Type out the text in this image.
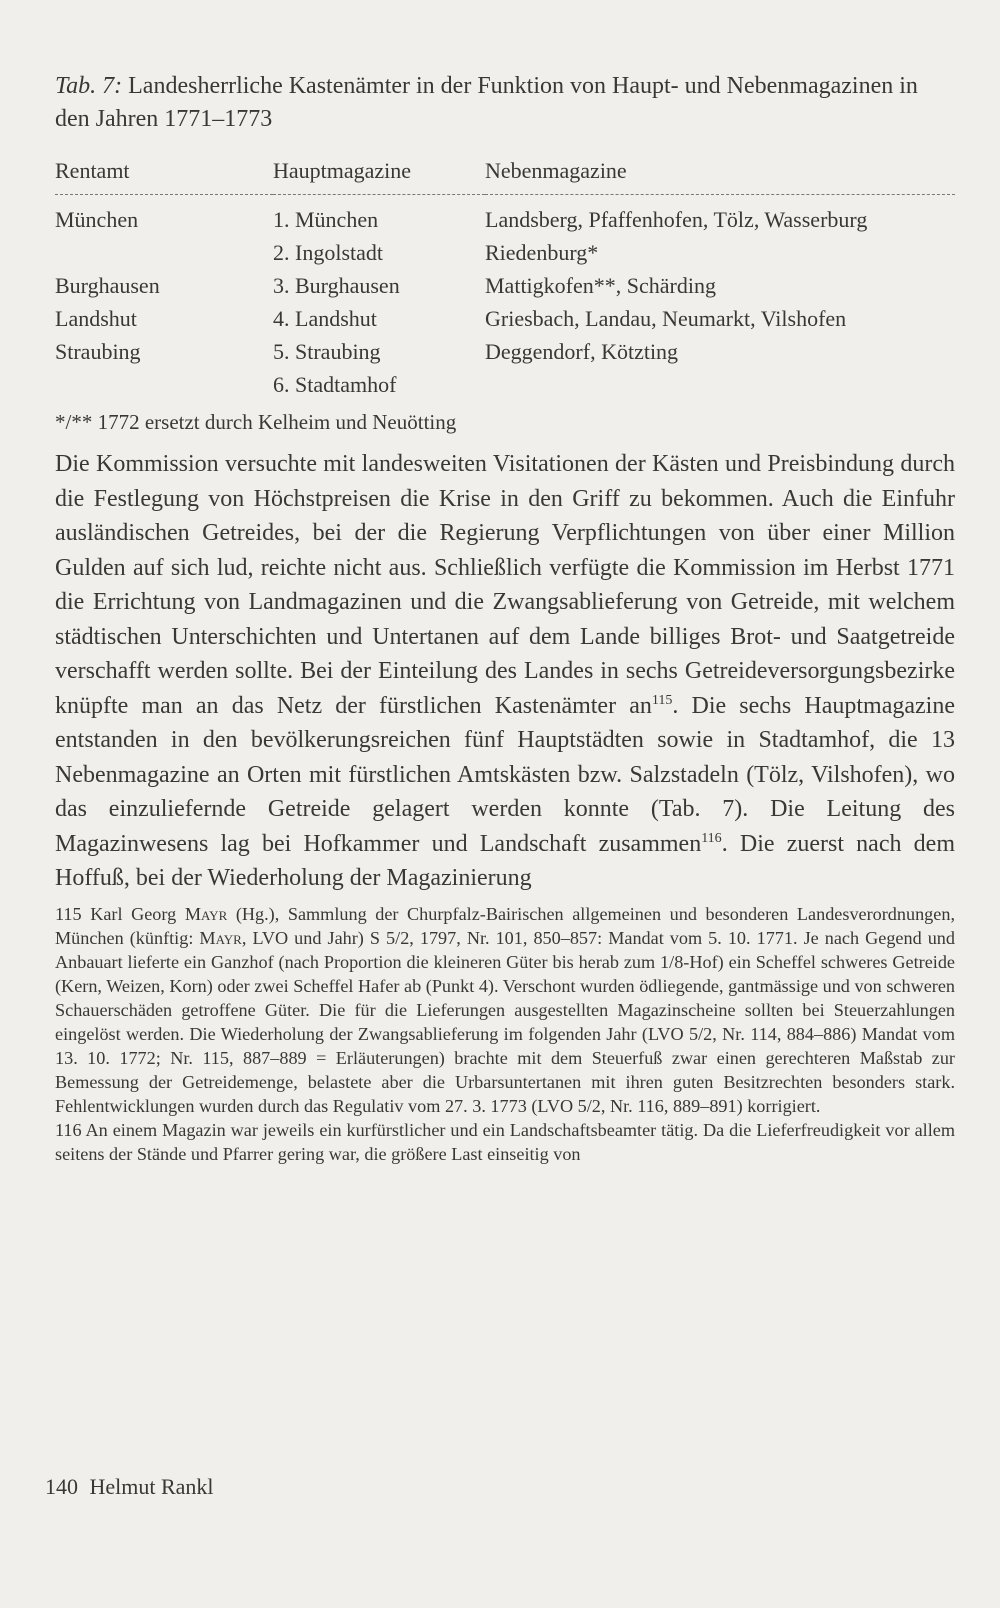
Tab. 7: Landesherrliche Kastenämter in der Funktion von Haupt- und Nebenmagazinen in den Jahren 1771–1773

Rentamt	Hauptmagazine	Nebenmagazine
München	1. München	Landsberg, Pfaffenhofen, Tölz, Wasserburg
	2. Ingolstadt	Riedenburg*
Burghausen	3. Burghausen	Mattigkofen**, Schärding
Landshut	4. Landshut	Griesbach, Landau, Neumarkt, Vilshofen
Straubing	5. Straubing	Deggendorf, Kötzting
	6. Stadtamhof	

*/** 1772 ersetzt durch Kelheim und Neuötting

Die Kommission versuchte mit landesweiten Visitationen der Kästen und Preisbindung durch die Festlegung von Höchstpreisen die Krise in den Griff zu bekommen. Auch die Einfuhr ausländischen Getreides, bei der die Regierung Verpflichtungen von über einer Million Gulden auf sich lud, reichte nicht aus. Schließlich verfügte die Kommission im Herbst 1771 die Errichtung von Landmagazinen und die Zwangsablieferung von Getreide, mit welchem städtischen Unterschichten und Untertanen auf dem Lande billiges Brot- und Saatgetreide verschafft werden sollte. Bei der Einteilung des Landes in sechs Getreideversorgungsbezirke knüpfte man an das Netz der fürstlichen Kastenämter $an^{115}$. Die sechs Hauptmagazine entstanden in den bevölkerungsreichen fünf Hauptstädten sowie in Stadtamhof, die 13 Nebenmagazine an Orten mit fürstlichen Amtskästen bzw. Salzstadeln (Tölz, Vilshofen), wo das einzuliefernde Getreide gelagert werden konnte (Tab. 7). Die Leitung des Magazinwesens lag bei Hofkammer und Landschaft zusammen$^{116}$. Die zuerst nach dem Hoffuß, bei der Wiederholung der Magazinierung

115 Karl Georg Mayr (Hg.), Sammlung der Churpfalz-Bairischen allgemeinen und besonderen Landesverordnungen, München (künftig: Mayr, LVO und Jahr) S 5/2, 1797, Nr. 101, 850–857: Mandat vom 5. 10. 1771. Je nach Gegend und Anbauart lieferte ein Ganzhof (nach Proportion die kleineren Güter bis herab zum 1/8-Hof) ein Scheffel schweres Getreide (Kern, Weizen, Korn) oder zwei Scheffel Hafer ab (Punkt 4). Verschont wurden ödliegende, gantmässige und von schweren Schauerschäden getroffene Güter. Die für die Lieferungen ausgestellten Magazinscheine sollten bei Steuerzahlungen eingelöst werden. Die Wiederholung der Zwangsablieferung im folgenden Jahr (LVO 5/2, Nr. 114, 884–886) Mandat vom 13. 10. 1772; Nr. 115, 887–889 = Erläuterungen) brachte mit dem Steuerfuß zwar einen gerechteren Maßstab zur Bemessung der Getreidemenge, belastete aber die Urbarsuntertanen mit ihren guten Besitzrechten besonders stark. Fehlentwicklungen wurden durch das Regulativ vom 27. 3. 1773 (LVO 5/2, Nr. 116, 889–891) korrigiert.

116 An einem Magazin war jeweils ein kurfürstlicher und ein Landschaftsbeamter tätig. Da die Lieferfreudigkeit vor allem seitens der Stände und Pfarrer gering war, die größere Last einseitig von

140 Helmut Rankl
